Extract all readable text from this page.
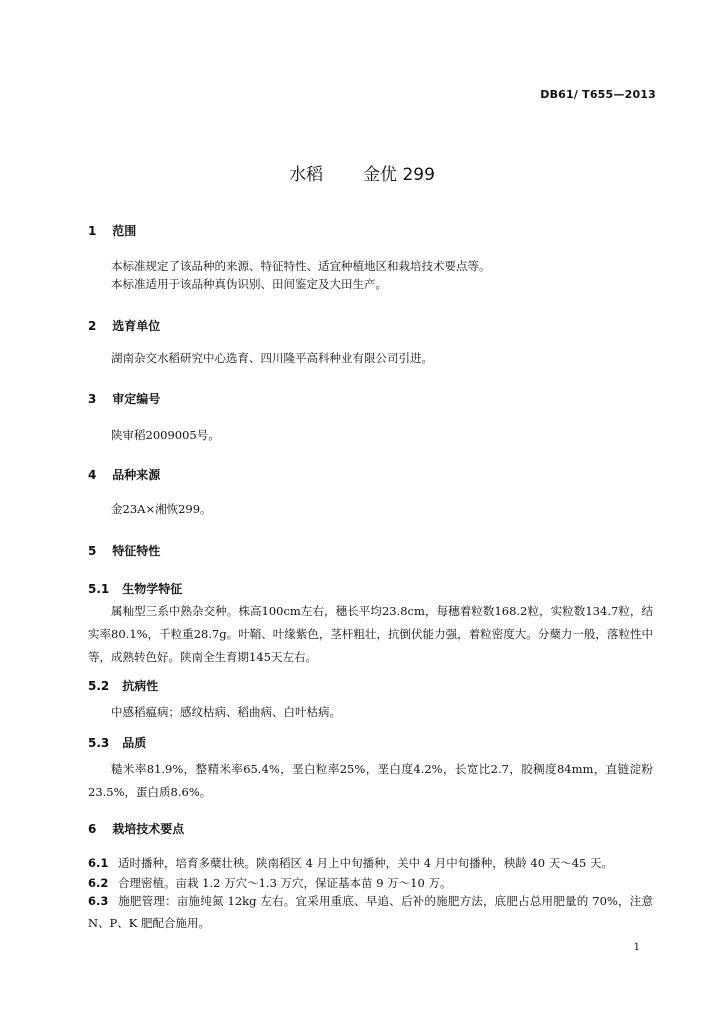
DB61/ T655—2013
水稻 金优 299
1 范围
本标准规定了该品种的来源、特征特性、适宜种植地区和栽培技术要点等。
本标准适用于该品种真伪识别、田间鉴定及大田生产。
2 选育单位
湖南杂交水稻研究中心选育、四川隆平高科种业有限公司引进。
3 审定编号
陕审稻2009005号。
4 品种来源
金23A×湘恢299。
5 特征特性
5.1 生物学特征
属籼型三系中熟杂交种。株高100cm左右，穗长平均23.8cm，每穗着粒数168.2粒，实粒数134.7粒，结实率80.1%，千粒重28.7g。叶鞘、叶缘紫色，茎杆粗壮，抗倒伏能力强，着粒密度大。分蘖力一般，落粒性中等，成熟转色好。陕南全生育期145天左右。
5.2 抗病性
中感稻瘟病；感纹枯病、稻曲病、白叶枯病。
5.3 品质
糙米率81.9%，整精米率65.4%，垩白粒率25%，垩白度4.2%，长宽比2.7，胶稠度84mm，直链淀粉23.5%，蛋白质8.6%。
6 栽培技术要点
6.1 适时播种，培育多蘖壮秧。陕南稻区 4 月上中旬播种，关中 4 月中旬播种，秧龄 40 天～45 天。
6.2 合理密植。亩栽 1.2 万穴～1.3 万穴，保证基本苗 9 万～10 万。
6.3 施肥管理：亩施纯氮 12kg 左右。宜采用重底、早追、后补的施肥方法，底肥占总用肥量的 70%，注意 N、P、K 肥配合施用。
1
